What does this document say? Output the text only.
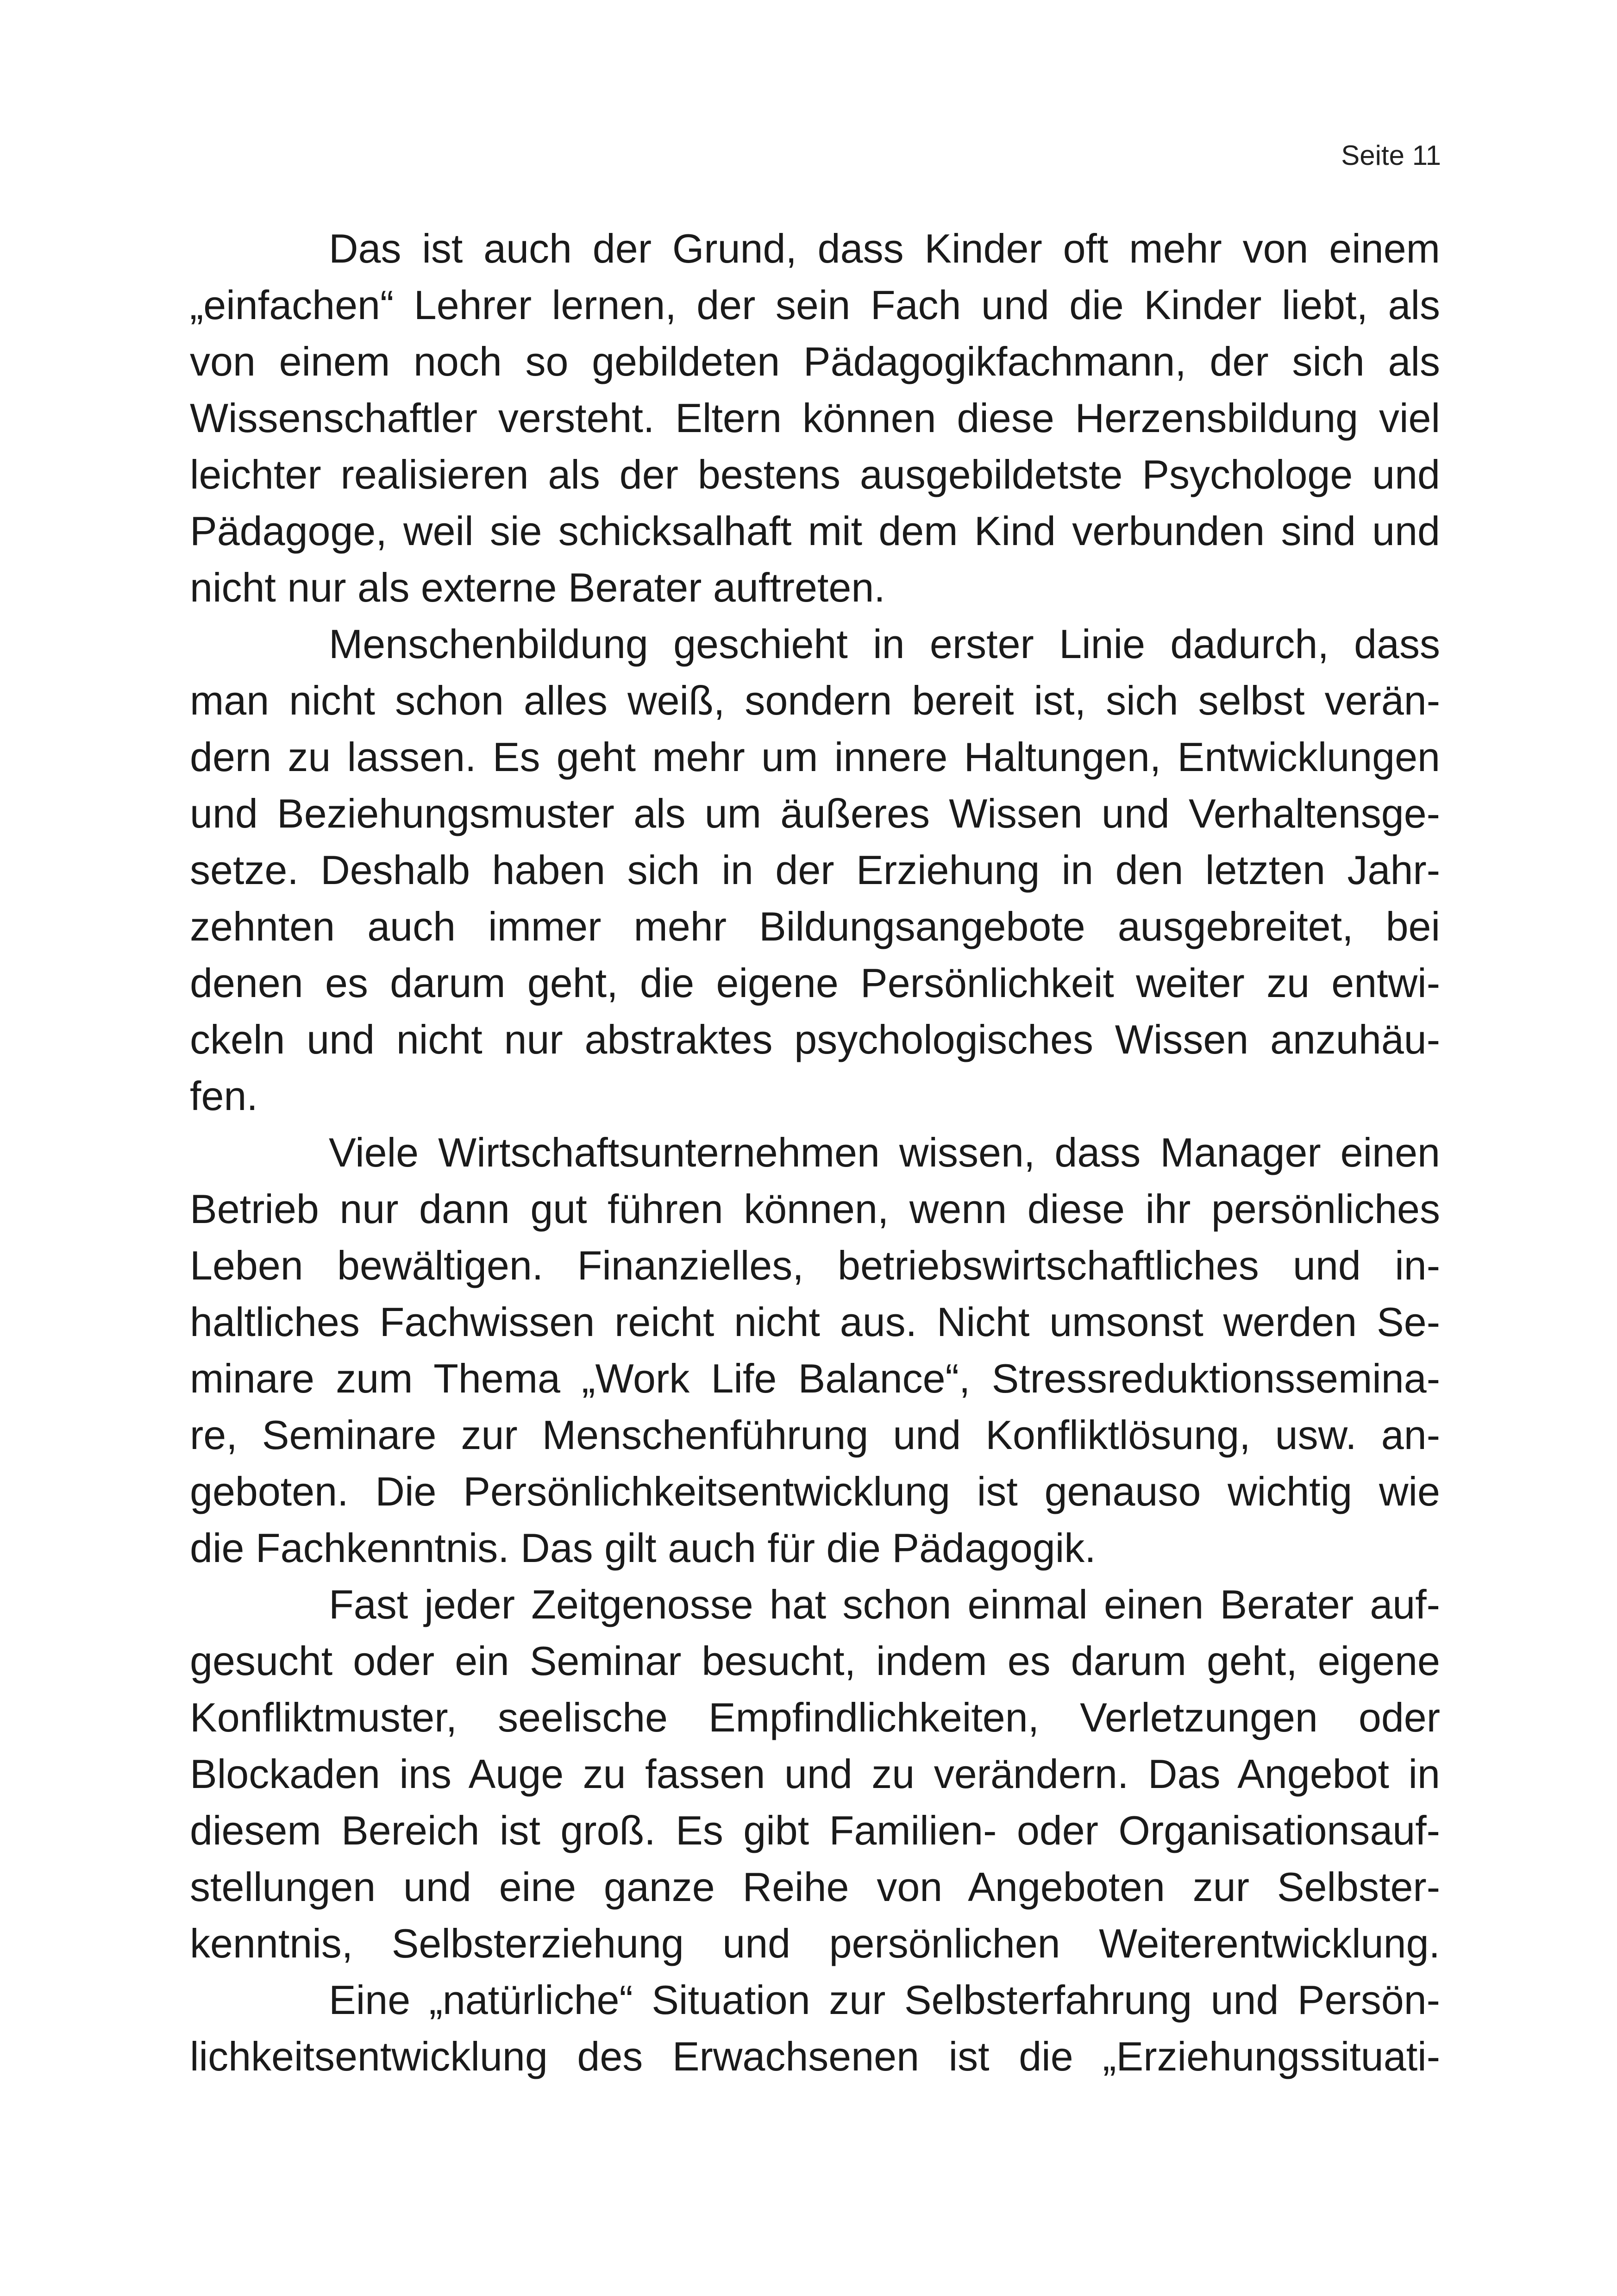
Seite 11
Das ist auch der Grund, dass Kinder oft mehr von einem
„einfachen“ Lehrer lernen, der sein Fach und die Kinder liebt, als
von einem noch so gebildeten Pädagogikfachmann, der sich als
Wissenschaftler versteht. Eltern können diese Herzensbildung viel
leichter realisieren als der bestens ausgebildetste Psychologe und
Pädagoge, weil sie schicksalhaft mit dem Kind verbunden sind und
nicht nur als externe Berater auftreten.
Menschenbildung geschieht in erster Linie dadurch, dass
man nicht schon alles weiß, sondern bereit ist, sich selbst verän-
dern zu lassen. Es geht mehr um innere Haltungen, Entwicklungen
und Beziehungsmuster als um äußeres Wissen und Verhaltensge-
setze. Deshalb haben sich in der Erziehung in den letzten Jahr-
zehnten auch immer mehr Bildungsangebote ausgebreitet, bei
denen es darum geht, die eigene Persönlichkeit weiter zu entwi-
ckeln und nicht nur abstraktes psychologisches Wissen anzuhäu-
fen.
Viele Wirtschaftsunternehmen wissen, dass Manager einen
Betrieb nur dann gut führen können, wenn diese ihr persönliches
Leben bewältigen. Finanzielles, betriebswirtschaftliches und in-
haltliches Fachwissen reicht nicht aus. Nicht umsonst werden Se-
minare zum Thema „Work Life Balance“, Stressreduktionssemina-
re, Seminare zur Menschenführung und Konfliktlösung, usw. an-
geboten. Die Persönlichkeitsentwicklung ist genauso wichtig wie
die Fachkenntnis. Das gilt auch für die Pädagogik.
Fast jeder Zeitgenosse hat schon einmal einen Berater auf-
gesucht oder ein Seminar besucht, indem es darum geht, eigene
Konfliktmuster, seelische Empfindlichkeiten, Verletzungen oder
Blockaden ins Auge zu fassen und zu verändern. Das Angebot in
diesem Bereich ist groß. Es gibt Familien- oder Organisationsauf-
stellungen und eine ganze Reihe von Angeboten zur Selbster-
kenntnis, Selbsterziehung und persönlichen Weiterentwicklung.
Eine „natürliche“ Situation zur Selbsterfahrung und Persön-
lichkeitsentwicklung des Erwachsenen ist die „Erziehungssituati-
